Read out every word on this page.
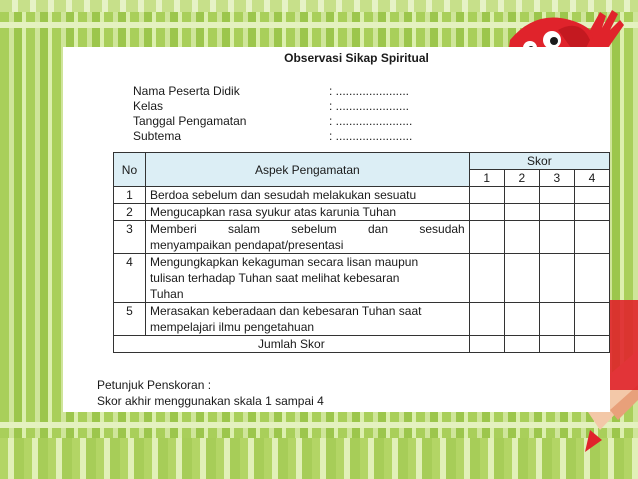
Observasi Sikap Spiritual
Nama Peserta Didik	: ......................
Kelas	: ......................
Tanggal Pengamatan	: .......................
Subtema	: .......................
No	Aspek Pengamatan	Skor			
		1	2	3	4
1	Berdoa sebelum dan sesudah melakukan sesuatu				
2	Mengucapkan rasa syukur atas karunia Tuhan				
3	Memberi salam sebelum dan sesudah
menyampaikan pendapat/presentasi				

4	Mengungkapkan kekaguman secara lisan maupun
tulisan terhadap Tuhan saat melihat kebesaran
Tuhan				

5	Merasakan keberadaan dan kebesaran Tuhan saat
mempelajari ilmu pengetahuan				

Jumlah Skor					
Petunjuk Penskoran :
Skor akhir menggunakan skala 1 sampai 4
